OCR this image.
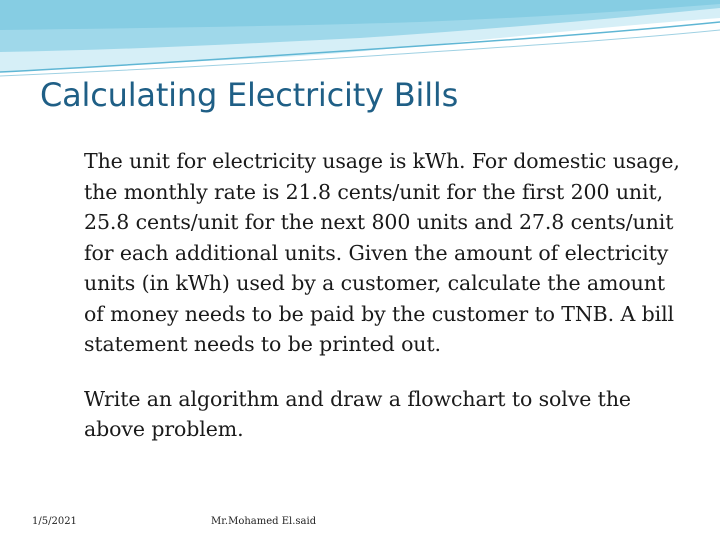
Calculating Electricity Bills

The unit for electricity usage is kWh. For domestic usage, the monthly rate is 21.8 cents/unit for the first 200 unit, 25.8 cents/unit for the next 800 units and 27.8 cents/unit for each additional units. Given the amount of electricity units (in kWh) used by a customer, calculate the amount of money needs to be paid by the customer to TNB. A bill statement needs to be printed out.

Write an algorithm and draw a flowchart to solve the above problem.

1/5/2021	Mr.Mohamed El.said
